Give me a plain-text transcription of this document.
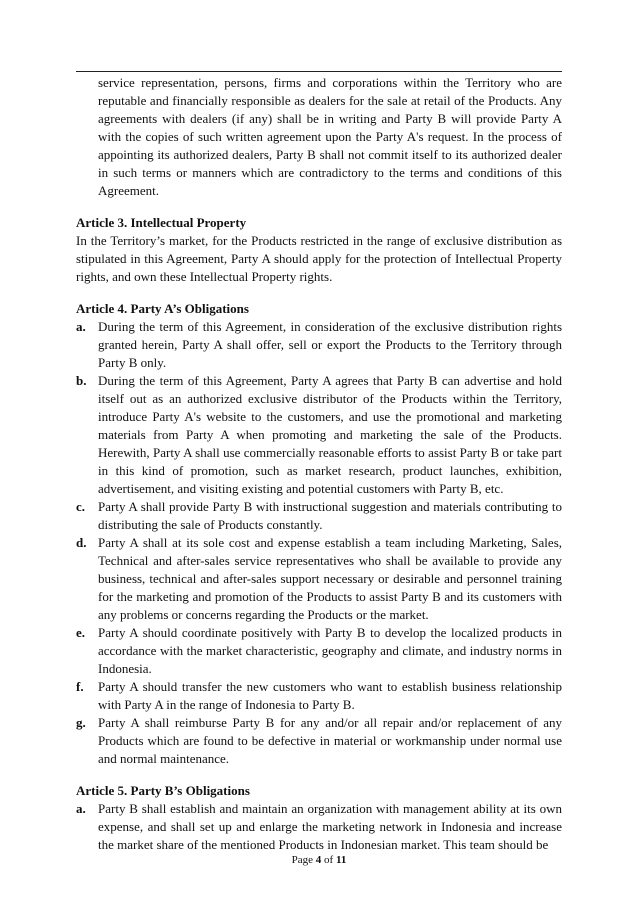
service representation, persons, firms and corporations within the Territory who are reputable and financially responsible as dealers for the sale at retail of the Products. Any agreements with dealers (if any) shall be in writing and Party B will provide Party A with the copies of such written agreement upon the Party A's request. In the process of appointing its authorized dealers, Party B shall not commit itself to its authorized dealer in such terms or manners which are contradictory to the terms and conditions of this Agreement.

Article 3. Intellectual Property

In the Territory’s market, for the Products restricted in the range of exclusive distribution as stipulated in this Agreement, Party A should apply for the protection of Intellectual Property rights, and own these Intellectual Property rights.

Article 4. Party A’s Obligations

a. During the term of this Agreement, in consideration of the exclusive distribution rights granted herein, Party A shall offer, sell or export the Products to the Territory through Party B only.
b. During the term of this Agreement, Party A agrees that Party B can advertise and hold itself out as an authorized exclusive distributor of the Products within the Territory, introduce Party A's website to the customers, and use the promotional and marketing materials from Party A when promoting and marketing the sale of the Products. Herewith, Party A shall use commercially reasonable efforts to assist Party B or take part in this kind of promotion, such as market research, product launches, exhibition, advertisement, and visiting existing and potential customers with Party B, etc.
c. Party A shall provide Party B with instructional suggestion and materials contributing to distributing the sale of Products constantly.
d. Party A shall at its sole cost and expense establish a team including Marketing, Sales, Technical and after-sales service representatives who shall be available to provide any business, technical and after-sales support necessary or desirable and personnel training for the marketing and promotion of the Products to assist Party B and its customers with any problems or concerns regarding the Products or the market.
e. Party A should coordinate positively with Party B to develop the localized products in accordance with the market characteristic, geography and climate, and industry norms in Indonesia.
f.	Party A should transfer the new customers who want to establish business relationship with Party A in the range of Indonesia to Party B.
g. Party A shall reimburse Party B for any and/or all repair and/or replacement of any Products which are found to be defective in material or workmanship under normal use and normal maintenance.

Article 5. Party B’s Obligations

a. Party B shall establish and maintain an organization with management ability at its own expense, and shall set up and enlarge the marketing network in Indonesia and increase the market share of the mentioned Products in Indonesian market. This team should be
Page 4 of 11
